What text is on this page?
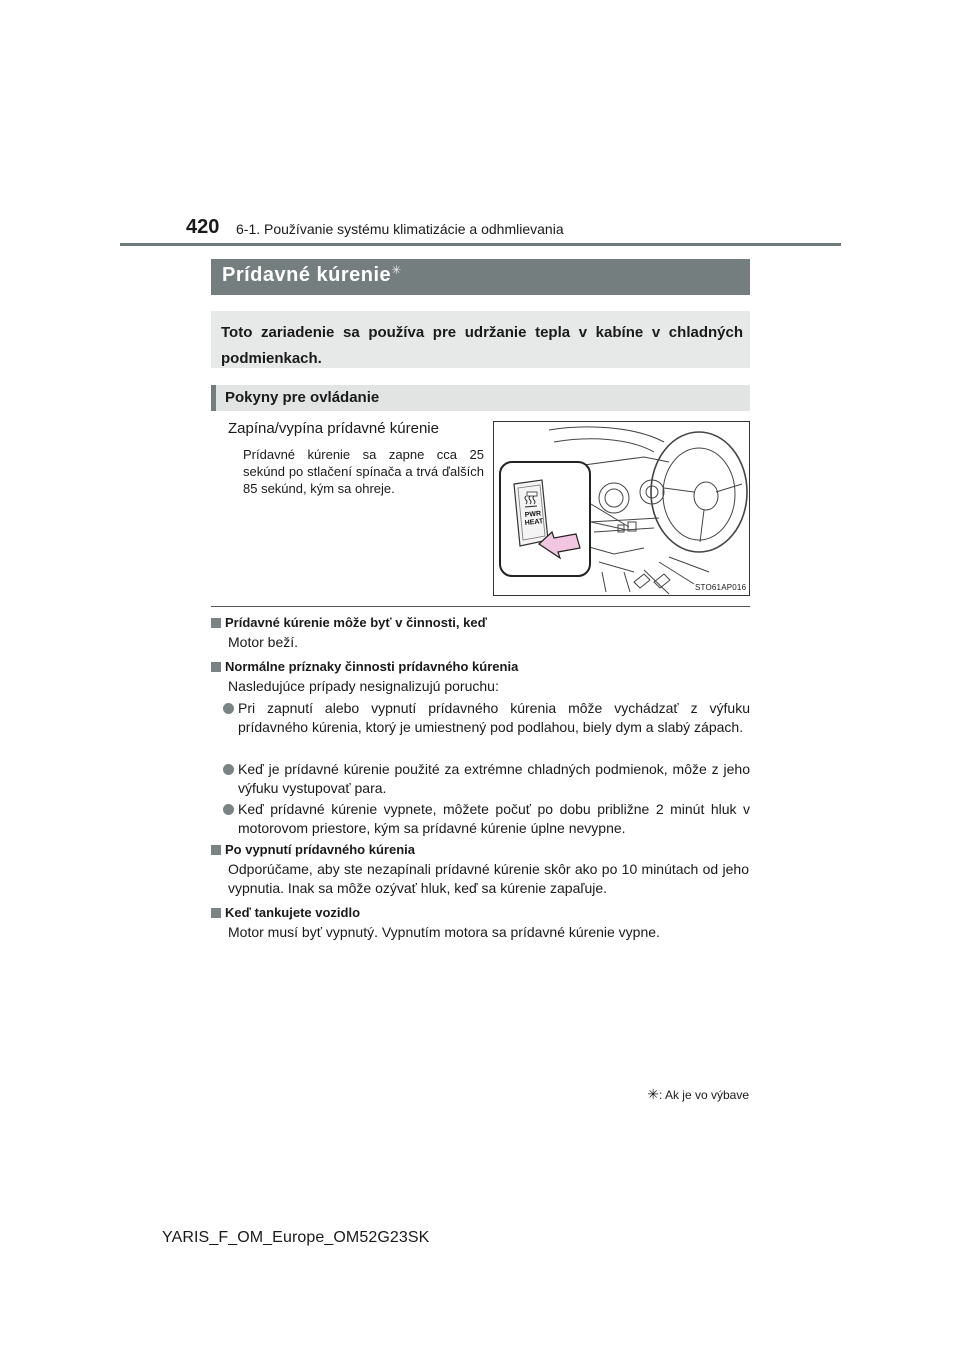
420 6-1. Používanie systému klimatizácie a odhmlievania
Prídavné kúrenie ✳
Toto zariadenie sa používa pre udržanie tepla v kabíne v chladných podmienkach.
Pokyny pre ovládanie
Zapína/vypína prídavné kúrenie
Prídavné kúrenie sa zapne cca 25 sekúnd po stlačení spínača a trvá ďalších 85 sekúnd, kým sa ohreje.
PWR
HEAT
STO61AP016
Prídavné kúrenie môže byť v činnosti, keď
Motor beží.
Normálne príznaky činnosti prídavného kúrenia
Nasledujúce prípady nesignalizujú poruchu:
Pri zapnutí alebo vypnutí prídavného kúrenia môže vychádzať z výfuku prídavného kúrenia, ktorý je umiestnený pod podlahou, biely dym a slabý zápach.
Keď je prídavné kúrenie použité za extrémne chladných podmienok, môže z jeho výfuku vystupovať para.
Keď prídavné kúrenie vypnete, môžete počuť po dobu približne 2 minút hluk v motorovom priestore, kým sa prídavné kúrenie úplne nevypne.
Po vypnutí prídavného kúrenia
Odporúčame, aby ste nezapínali prídavné kúrenie skôr ako po 10 minútach od jeho vypnutia. Inak sa môže ozývať hluk, keď sa kúrenie zapaľuje.
Keď tankujete vozidlo
Motor musí byť vypnutý. Vypnutím motora sa prídavné kúrenie vypne.
✳: Ak je vo výbave
YARIS_F_OM_Europe_OM52G23SK
